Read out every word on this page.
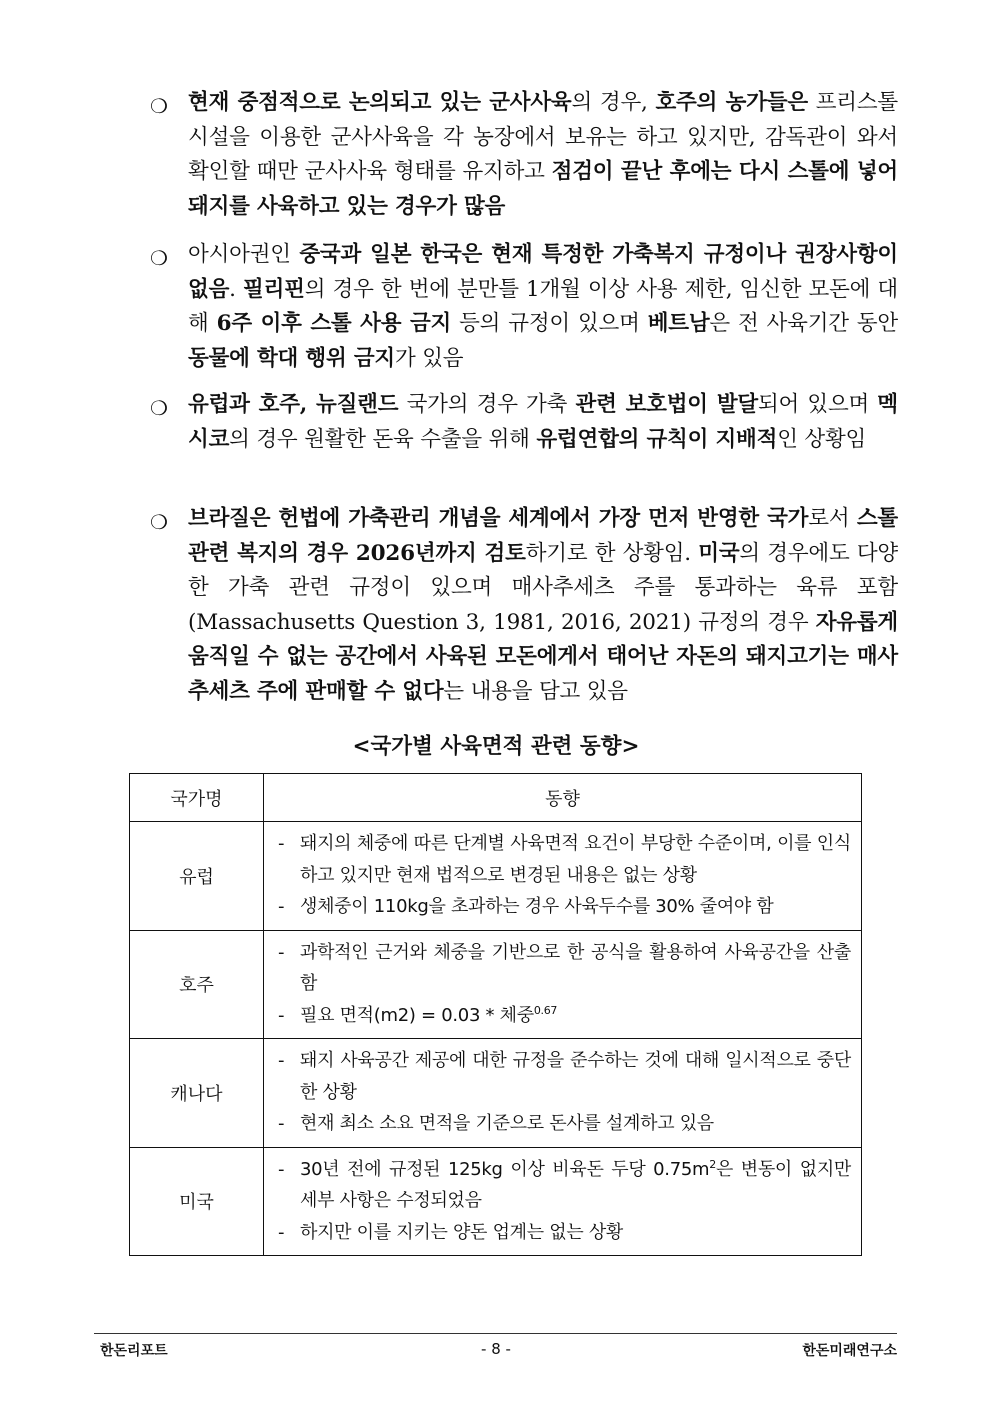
❍ 현재 중점적으로 논의되고 있는 군사사육의 경우, 호주의 농가들은 프리스톨 시설을 이용한 군사사육을 각 농장에서 보유는 하고 있지만, 감독관이 와서 확인할 때만 군사사육 형태를 유지하고 점검이 끝난 후에는 다시 스톨에 넣어 돼지를 사육하고 있는 경우가 많음
❍ 아시아권인 중국과 일본 한국은 현재 특정한 가축복지 규정이나 권장사항이 없음. 필리핀의 경우 한 번에 분만틀 1개월 이상 사용 제한, 임신한 모돈에 대해 6주 이후 스톨 사용 금지 등의 규정이 있으며 베트남은 전 사육기간 동안 동물에 학대 행위 금지가 있음
❍ 유럽과 호주, 뉴질랜드 국가의 경우 가축 관련 보호법이 발달되어 있으며 멕시코의 경우 원활한 돈육 수출을 위해 유럽연합의 규칙이 지배적인 상황임
❍ 브라질은 헌법에 가축관리 개념을 세계에서 가장 먼저 반영한 국가로서 스톨 관련 복지의 경우 2026년까지 검토하기로 한 상황임. 미국의 경우에도 다양한 가축 관련 규정이 있으며 매사추세츠 주를 통과하는 육류 포함(Massachusetts Question 3, 1981, 2016, 2021) 규정의 경우 자유롭게 움직일 수 없는 공간에서 사육된 모돈에게서 태어난 자돈의 돼지고기는 매사추세츠 주에 판매할 수 없다는 내용을 담고 있음
<국가별 사육면적 관련 동향>
국가명	동향
유럽	- 돼지의 체중에 따른 단계별 사육면적 요건이 부당한 수준이며, 이를 인식하고 있지만 현재 법적으로 변경된 내용은 없는 상황
- 생체중이 110kg을 초과하는 경우 사육두수를 30% 줄여야 함

호주	- 과학적인 근거와 체중을 기반으로 한 공식을 활용하여 사육공간을 산출함
- 필요 면적(m2) = 0.03 * 체중$^{0.67}$

캐나다	- 돼지 사육공간 제공에 대한 규정을 준수하는 것에 대해 일시적으로 중단한 상황
- 현재 최소 소요 면적을 기준으로 돈사를 설계하고 있음

미국	- 30년 전에 규정된 125kg 이상 비육돈 두당 $0.75m^2$은 변동이 없지만 세부 사항은 수정되었음
- 하지만 이를 지키는 양돈 업계는 없는 상황
한돈리포트	- 8 -	한돈미래연구소
